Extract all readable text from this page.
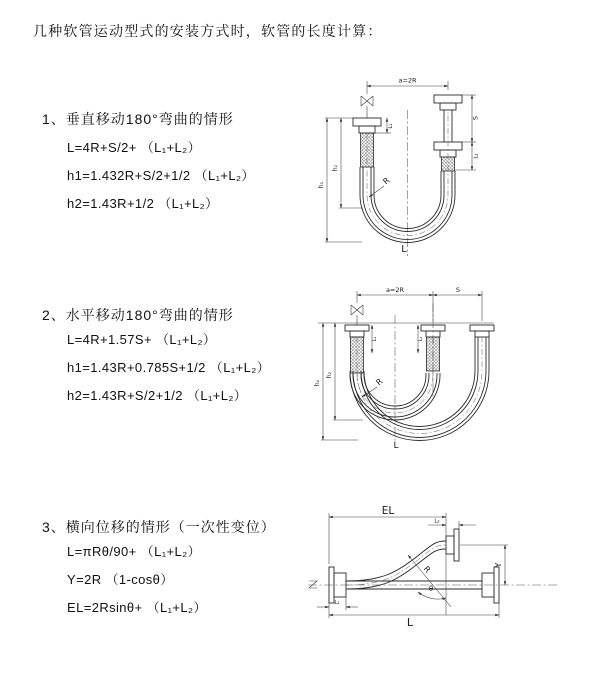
几种软管运动型式的安装方式时，软管的长度计算：
1、垂直移动180°弯曲的情形
L=4R+S/2+ （L₁+L₂）
h1=1.432R+S/2+1/2 （L₁+L₂）
h2=1.43R+1/2 （L₁+L₂）
a=2R
S
L₂
h₁
h₂
L₁
R
L
2、水平移动180°弯曲的情形
L=4R+1.57S+ （L₁+L₂）
h1=1.43R+0.785S+1/2 （L₁+L₂）
h2=1.43R+S/2+1/2 （L₁+L₂）
a=2R	S
h₁
h₂
L₁	L₂
R
L
3、横向位移的情形（一次性变位）
L=πRθ/90+ （L₁+L₂）
Y=2R （1-cosθ）
EL=2Rsinθ+ （L₁+L₂）
EL
L₂
Y
R
θ
L₁
L
